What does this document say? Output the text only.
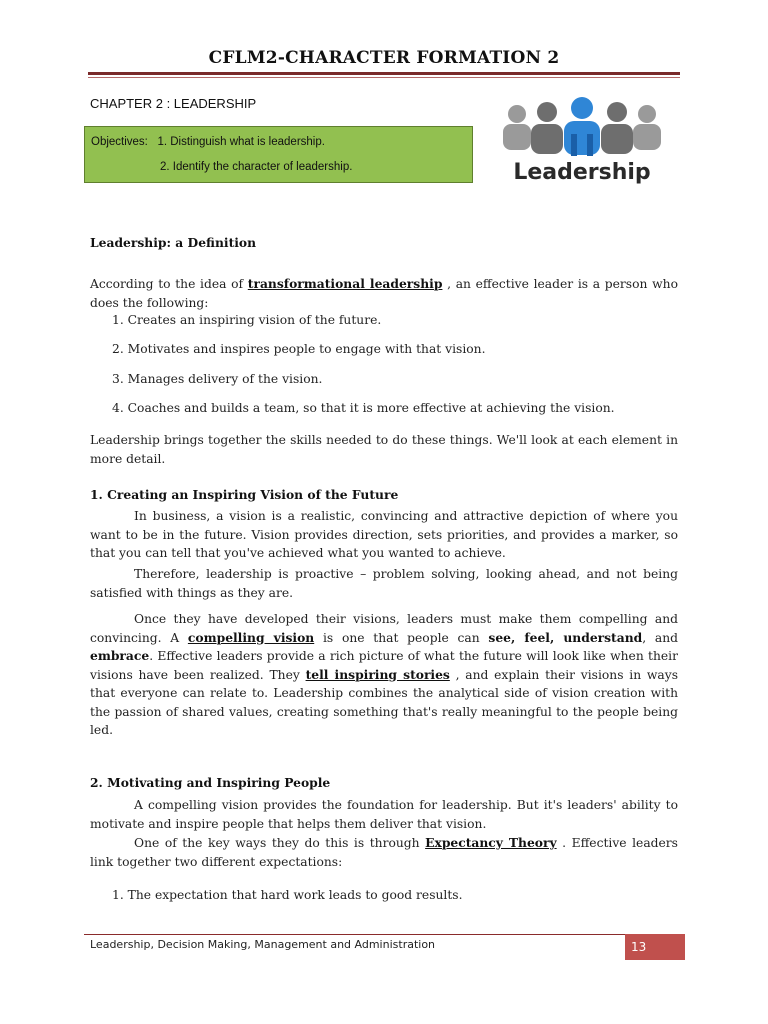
CFLM2-CHARACTER FORMATION 2
CHAPTER 2 : LEADERSHIP
Objectives:   1. Distinguish what is leadership.
2. Identify the character of leadership.	Leadership
Leadership: a Definition
According to the idea of transformational leadership , an effective leader is a person who does the following:
1. Creates an inspiring vision of the future.
2. Motivates and inspires people to engage with that vision.
3. Manages delivery of the vision.
4. Coaches and builds a team, so that it is more effective at achieving the vision.
Leadership brings together the skills needed to do these things. We'll look at each element in more detail.
1. Creating an Inspiring Vision of the Future
In business, a vision is a realistic, convincing and attractive depiction of where you want to be in the future. Vision provides direction, sets priorities, and provides a marker, so that you can tell that you've achieved what you wanted to achieve.
Therefore, leadership is proactive – problem solving, looking ahead, and not being satisfied with things as they are.
Once they have developed their visions, leaders must make them compelling and convincing. A compelling vision is one that people can see, feel, understand, and embrace. Effective leaders provide a rich picture of what the future will look like when their visions have been realized. They tell inspiring stories , and explain their visions in ways that everyone can relate to. Leadership combines the analytical side of vision creation with the passion of shared values, creating something that's really meaningful to the people being led.
2. Motivating and Inspiring People
A compelling vision provides the foundation for leadership. But it's leaders' ability to motivate and inspire people that helps them deliver that vision.
One of the key ways they do this is through Expectancy Theory . Effective leaders link together two different expectations:
1. The expectation that hard work leads to good results.
Leadership, Decision Making, Management and Administration	13
